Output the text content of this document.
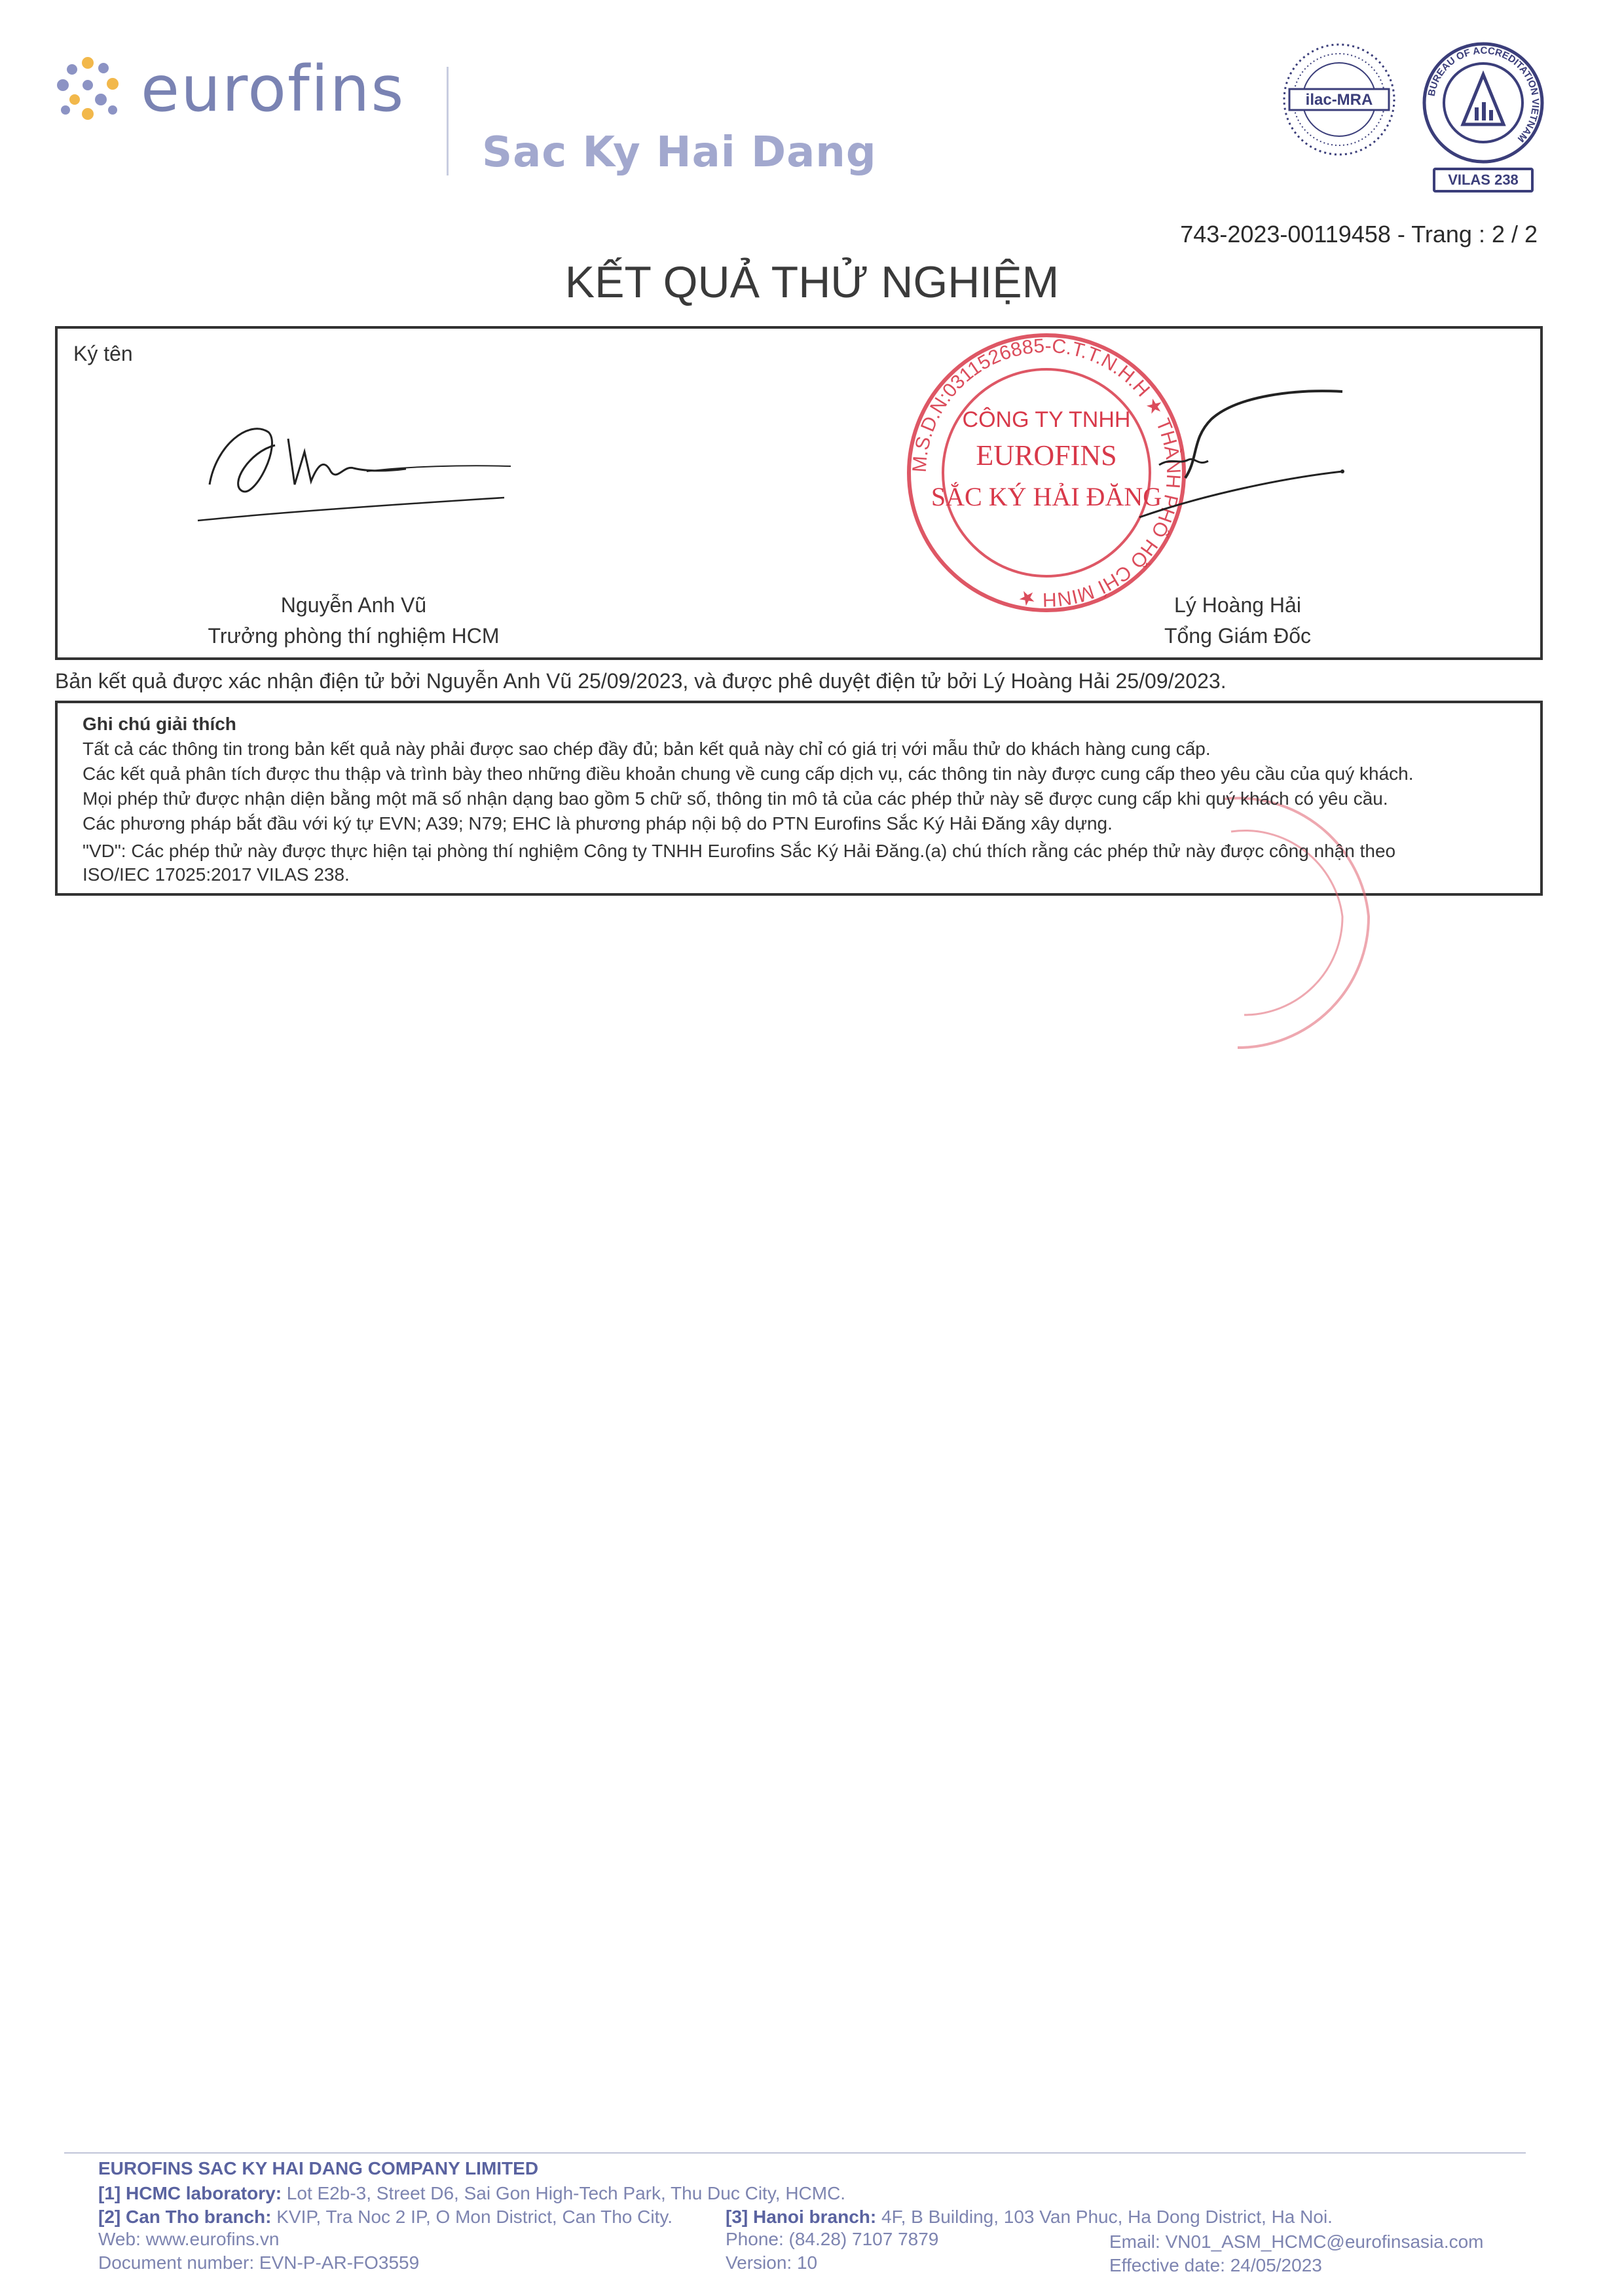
eurofins
Sac Ky Hai Dang
ilac-MRA	BUREAU OF ACCREDITATION VIETNAM
VILAS 238
743-2023-00119458 - Trang : 2 / 2
KẾT QUẢ THỬ NGHIỆM
Ký tên
Nguyễn Anh Vũ
Trưởng phòng thí nghiệm HCM
M.S.D.N:0311526885-C.T.T.N.H.H ★ THÀNH PHỐ HỒ CHÍ MINH ★
CÔNG TY TNHH
EUROFINS
SẮC KÝ HẢI ĐĂNG
Lý Hoàng Hải
Tổng Giám Đốc
Bản kết quả được xác nhận điện tử bởi Nguyễn Anh Vũ 25/09/2023, và được phê duyệt điện tử bởi Lý Hoàng Hải 25/09/2023.
Ghi chú giải thích
Tất cả các thông tin trong bản kết quả này phải được sao chép đầy đủ; bản kết quả này chỉ có giá trị với mẫu thử do khách hàng cung cấp.
Các kết quả phân tích được thu thập và trình bày theo những điều khoản chung về cung cấp dịch vụ, các thông tin này được cung cấp theo yêu cầu của quý khách.
Mọi phép thử được nhận diện bằng một mã số nhận dạng bao gồm 5 chữ số, thông tin mô tả của các phép thử này sẽ được cung cấp khi quý khách có yêu cầu.
Các phương pháp bắt đầu với ký tự EVN; A39; N79; EHC là phương pháp nội bộ do PTN Eurofins Sắc Ký Hải Đăng xây dựng.
"VD": Các phép thử này được thực hiện tại phòng thí nghiệm Công ty TNHH Eurofins Sắc Ký Hải Đăng.(a) chú thích rằng các phép thử này được công nhận theo
ISO/IEC 17025:2017 VILAS 238.
EUROFINS SAC KY HAI DANG COMPANY LIMITED
[1] HCMC laboratory: Lot E2b-3, Street D6, Sai Gon High-Tech Park, Thu Duc City, HCMC.
[2] Can Tho branch: KVIP, Tra Noc 2 IP, O Mon District, Can Tho City.	[3] Hanoi branch: 4F, B Building, 103 Van Phuc, Ha Dong District, Ha Noi.
Web: www.eurofins.vn	Phone: (84.28) 7107 7879	Email: VN01_ASM_HCMC@eurofinsasia.com
Document number: EVN-P-AR-FO3559	Version: 10	Effective date: 24/05/2023
